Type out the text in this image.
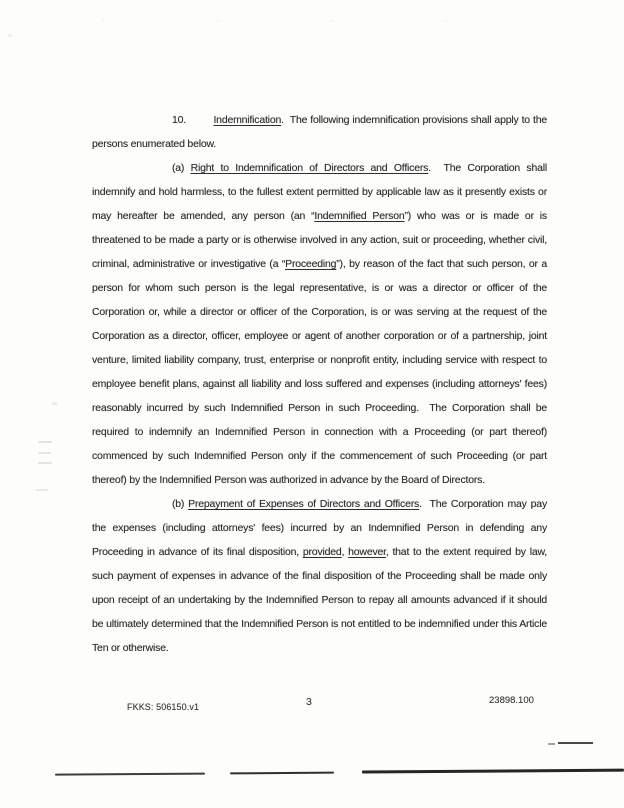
10.         Indemnification.  The following indemnification provisions shall apply to the persons enumerated below.

(a) Right to Indemnification of Directors and Officers.  The Corporation shall indemnify and hold harmless, to the fullest extent permitted by applicable law as it presently exists or may hereafter be amended, any person (an “Indemnified Person”) who was or is made or is threatened to be made a party or is otherwise involved in any action, suit or proceeding, whether civil, criminal, administrative or investigative (a “Proceeding”), by reason of the fact that such person, or a person for whom such person is the legal representative, is or was a director or officer of the Corporation or, while a director or officer of the Corporation, is or was serving at the request of the Corporation as a director, officer, employee or agent of another corporation or of a partnership, joint venture, limited liability company, trust, enterprise or nonprofit entity, including service with respect to employee benefit plans, against all liability and loss suffered and expenses (including attorneys' fees) reasonably incurred by such Indemnified Person in such Proceeding.  The Corporation shall be required to indemnify an Indemnified Person in connection with a Proceeding (or part thereof) commenced by such Indemnified Person only if the commencement of such Proceeding (or part thereof) by the Indemnified Person was authorized in advance by the Board of Directors.

(b) Prepayment of Expenses of Directors and Officers.  The Corporation may pay the expenses (including attorneys' fees) incurred by an Indemnified Person in defending any Proceeding in advance of its final disposition, provided, however, that to the extent required by law, such payment of expenses in advance of the final disposition of the Proceeding shall be made only upon receipt of an undertaking by the Indemnified Person to repay all amounts advanced if it should be ultimately determined that the Indemnified Person is not entitled to be indemnified under this Article Ten or otherwise.

FKKS: 506150.v1	3	23898.100
